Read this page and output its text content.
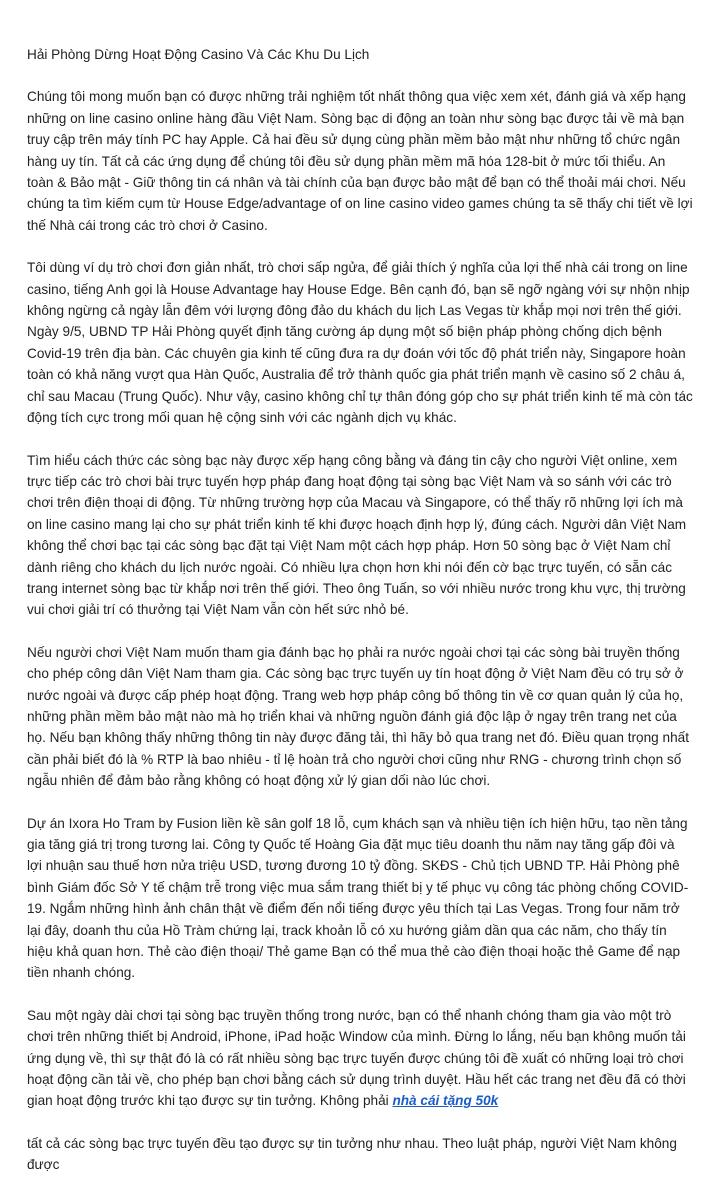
Hải Phòng Dừng Hoạt Động Casino Và Các Khu Du Lịch

Chúng tôi mong muốn bạn có được những trải nghiệm tốt nhất thông qua việc xem xét, đánh giá và xếp hạng những on line casino online hàng đầu Việt Nam. Sòng bạc di động an toàn như sòng bạc được tải về mà bạn truy cập trên máy tính PC hay Apple. Cả hai đều sử dụng cùng phần mềm bảo mật như những tổ chức ngân hàng uy tín. Tất cả các ứng dụng để chúng tôi đều sử dụng phần mềm mã hóa 128-bit ở mức tối thiểu. An toàn & Bảo mật - Giữ thông tin cá nhân và tài chính của bạn được bảo mật để bạn có thể thoải mái chơi. Nếu chúng ta tìm kiếm cụm từ House Edge/advantage of on line casino video games chúng ta sẽ thấy chi tiết về lợi thế Nhà cái trong các trò chơi ở Casino.

Tôi dùng ví dụ trò chơi đơn giản nhất, trò chơi sấp ngửa, để giải thích ý nghĩa của lợi thế nhà cái trong on line casino, tiếng Anh gọi là House Advantage hay House Edge. Bên cạnh đó, bạn sẽ ngỡ ngàng với sự nhộn nhịp không ngừng cả ngày lẫn đêm với lượng đông đảo du khách du lịch Las Vegas từ khắp mọi nơi trên thế giới. Ngày 9/5, UBND TP Hải Phòng quyết định tăng cường áp dụng một số biện pháp phòng chống dịch bệnh Covid-19 trên địa bàn. Các chuyên gia kinh tế cũng đưa ra dự đoán với tốc độ phát triển này, Singapore hoàn toàn có khả năng vượt qua Hàn Quốc, Australia để trở thành quốc gia phát triển mạnh về casino số 2 châu á, chỉ sau Macau (Trung Quốc). Như vậy, casino không chỉ tự thân đóng góp cho sự phát triển kinh tế mà còn tác động tích cực trong mối quan hệ cộng sinh với các ngành dịch vụ khác.

Tìm hiểu cách thức các sòng bạc này được xếp hạng công bằng và đáng tin cậy cho người Việt online, xem trực tiếp các trò chơi bài trực tuyến hợp pháp đang hoạt động tại sòng bạc Việt Nam và so sánh với các trò chơi trên điện thoại di động. Từ những trường hợp của Macau và Singapore, có thể thấy rõ những lợi ích mà on line casino mang lại cho sự phát triển kinh tế khi được hoạch định hợp lý, đúng cách. Người dân Việt Nam không thể chơi bạc tại các sòng bạc đặt tại Việt Nam một cách hợp pháp. Hơn 50 sòng bạc ở Việt Nam chỉ dành riêng cho khách du lịch nước ngoài. Có nhiều lựa chọn hơn khi nói đến cờ bạc trực tuyến, có sẵn các trang internet sòng bạc từ khắp nơi trên thế giới. Theo ông Tuấn, so với nhiều nước trong khu vực, thị trường vui chơi giải trí có thưởng tại Việt Nam vẫn còn hết sức nhỏ bé.

Nếu người chơi Việt Nam muốn tham gia đánh bạc họ phải ra nước ngoài chơi tại các sòng bài truyền thống cho phép công dân Việt Nam tham gia. Các sòng bạc trực tuyến uy tín hoạt động ở Việt Nam đều có trụ sở ở nước ngoài và được cấp phép hoạt động. Trang web hợp pháp công bố thông tin về cơ quan quản lý của họ, những phần mềm bảo mật nào mà họ triển khai và những nguồn đánh giá độc lập ở ngay trên trang net của họ. Nếu bạn không thấy những thông tin này được đăng tải, thì hãy bỏ qua trang net đó. Điều quan trọng nhất cần phải biết đó là % RTP là bao nhiêu - tỉ lệ hoàn trả cho người chơi cũng như RNG - chương trình chọn số ngẫu nhiên để đảm bảo rằng không có hoạt động xử lý gian dối nào lúc chơi.

Dự án Ixora Ho Tram by Fusion liền kề sân golf 18 lỗ, cụm khách sạn và nhiều tiện ích hiện hữu, tạo nền tảng gia tăng giá trị trong tương lai. Công ty Quốc tế Hoàng Gia đặt mục tiêu doanh thu năm nay tăng gấp đôi và lợi nhuận sau thuế hơn nửa triệu USD, tương đương 10 tỷ đồng. SKĐS - Chủ tịch UBND TP. Hải Phòng phê bình Giám đốc Sở Y tế chậm trễ trong việc mua sắm trang thiết bị y tế phục vụ công tác phòng chống COVID-19. Ngắm những hình ảnh chân thật về điểm đến nổi tiếng được yêu thích tại Las Vegas. Trong four năm trở lại đây, doanh thu của Hồ Tràm chứng lại, track khoản lỗ có xu hướng giảm dần qua các năm, cho thấy tín hiệu khả quan hơn. Thẻ cào điện thoại/ Thẻ game Bạn có thể mua thẻ cào điện thoại hoặc thẻ Game để nạp tiền nhanh chóng.

Sau một ngày dài chơi tại sòng bạc truyền thống trong nước, bạn có thể nhanh chóng tham gia vào một trò chơi trên những thiết bị Android, iPhone, iPad hoặc Window của mình. Đừng lo lắng, nếu bạn không muốn tải ứng dụng về, thì sự thật đó là có rất nhiều sòng bạc trực tuyến được chúng tôi đề xuất có những loại trò chơi hoạt động cần tải về, cho phép bạn chơi bằng cách sử dụng trình duyệt. Hầu hết các trang net đều đã có thời gian hoạt động trước khi tạo được sự tin tưởng. Không phải nhà cái tặng 50k

tất cả các sòng bạc trực tuyến đều tạo được sự tin tưởng như nhau. Theo luật pháp, người Việt Nam không được
